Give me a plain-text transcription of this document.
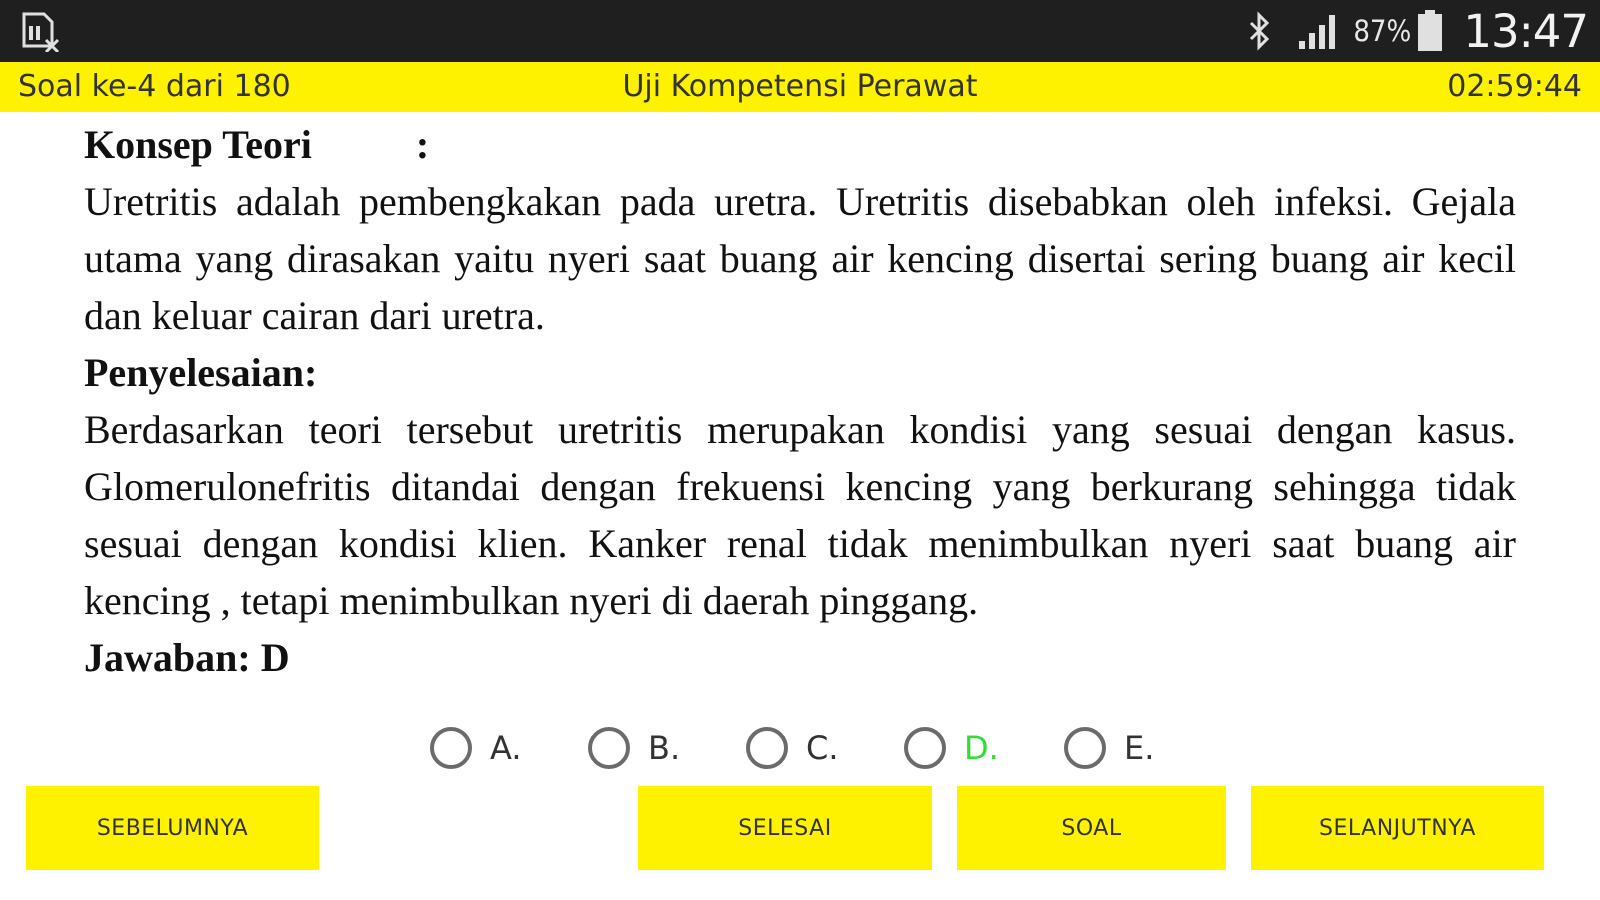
87% 13:47
Soal ke-4 dari 180	Uji Kompetensi Perawat	02:59:44
Konsep Teori	:
Uretritis adalah pembengkakan pada uretra. Uretritis disebabkan oleh infeksi. Gejala utama yang dirasakan yaitu nyeri saat buang air kencing disertai sering buang air kecil dan keluar cairan dari uretra.
Penyelesaian:
Berdasarkan teori tersebut uretritis merupakan kondisi yang sesuai dengan kasus. Glomerulonefritis ditandai dengan frekuensi kencing yang berkurang sehingga tidak sesuai dengan kondisi klien. Kanker renal tidak menimbulkan nyeri saat buang air kencing , tetapi menimbulkan nyeri di daerah pinggang.
Jawaban: D
A.	B.	C.	D.	E.
SEBELUMNYA	SELESAI	SOAL	SELANJUTNYA
